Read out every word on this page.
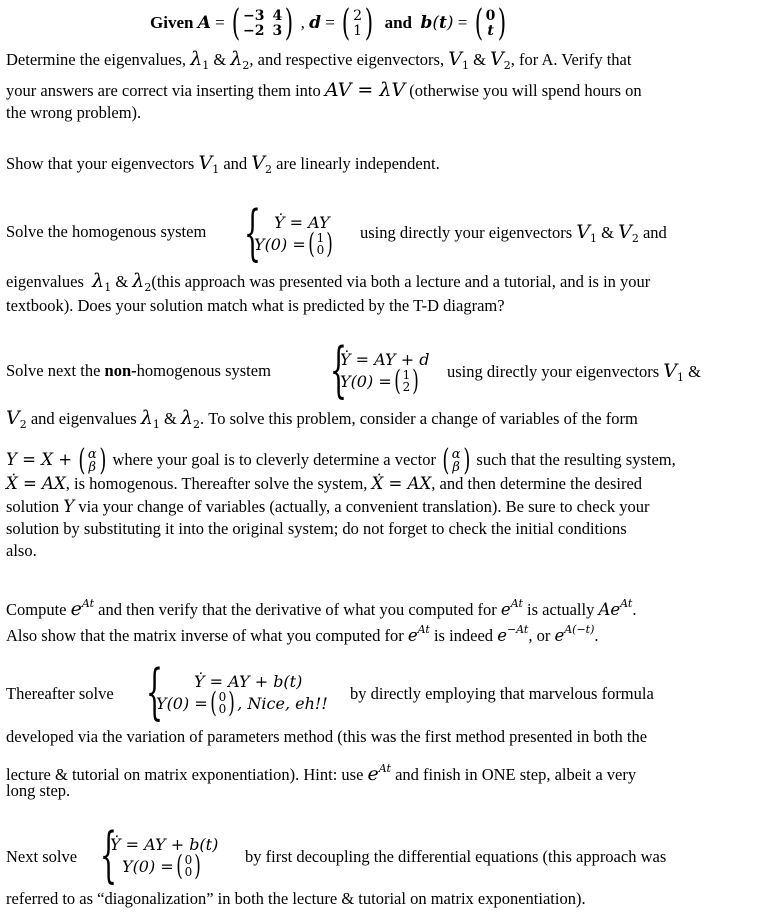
Given A = ( −3 4
−2 3 ) , d = ( 2
1 ) and b(t) = ( 0
t )
Determine the eigenvalues, $\lambda_1$ & $\lambda_2$, and respective eigenvectors, $V_1$ & $V_2$, for A. Verify that
your answers are correct via inserting them into AV = λV (otherwise you will spend hours on
the wrong problem).
Show that your eigenvectors $V_1$ and $V_2$ are linearly independent.
Solve the homogenous system { Ẏ = AY
Y(0) = ( 1
0 ) using directly your eigenvectors $V_1$ & $V_2$ and
eigenvalues $\lambda_1$ & $\lambda_2(this$ approach was presented via both a lecture and a tutorial, and is in your
textbook). Does your solution match what is predicted by the T-D diagram?
Solve next the non-homogenous system {
Ẏ = AY + d
Y(0) = ( 1
2 ) using directly your eigenvectors $V_1$ &
$V_2$ and eigenvalues $\lambda_1$ & $\lambda_2$. To solve this problem, consider a change of variables of the form
Y = X + ( α
β ) where your goal is to cleverly determine a vector ( α
β ) such that the resulting system,
Ẋ = AX, is homogenous. Thereafter solve the system, Ẋ = AX, and then determine the desired
solution Y via your change of variables (actually, a convenient translation). Be sure to check your
solution by substituting it into the original system; do not forget to check the initial conditions
also.
Compute $e^{At}$ and then verify that the derivative of what you computed for $e^{At}$ is actually $Ae^{At}$.
Also show that the matrix inverse of what you computed for $e^{At}$ is indeed $e^{-At}$, or $e^{A(-t)}$.
Thereafter solve {	Ẏ = AY + b(t)
Y(0) = ( 0
0 ) , Nice, eh!! by directly employing that marvelous formula
developed via the variation of parameters method (this was the first method presented in both the
lecture & tutorial on matrix exponentiation). Hint: use $e^{At}$ and finish in ONE step, albeit a very
long step.
Next solve {
Ẏ = AY + b(t)
Y(0) = ( 0
0 )	by first decoupling the differential equations (this approach was
referred to as “diagonalization” in both the lecture & tutorial on matrix exponentiation).
